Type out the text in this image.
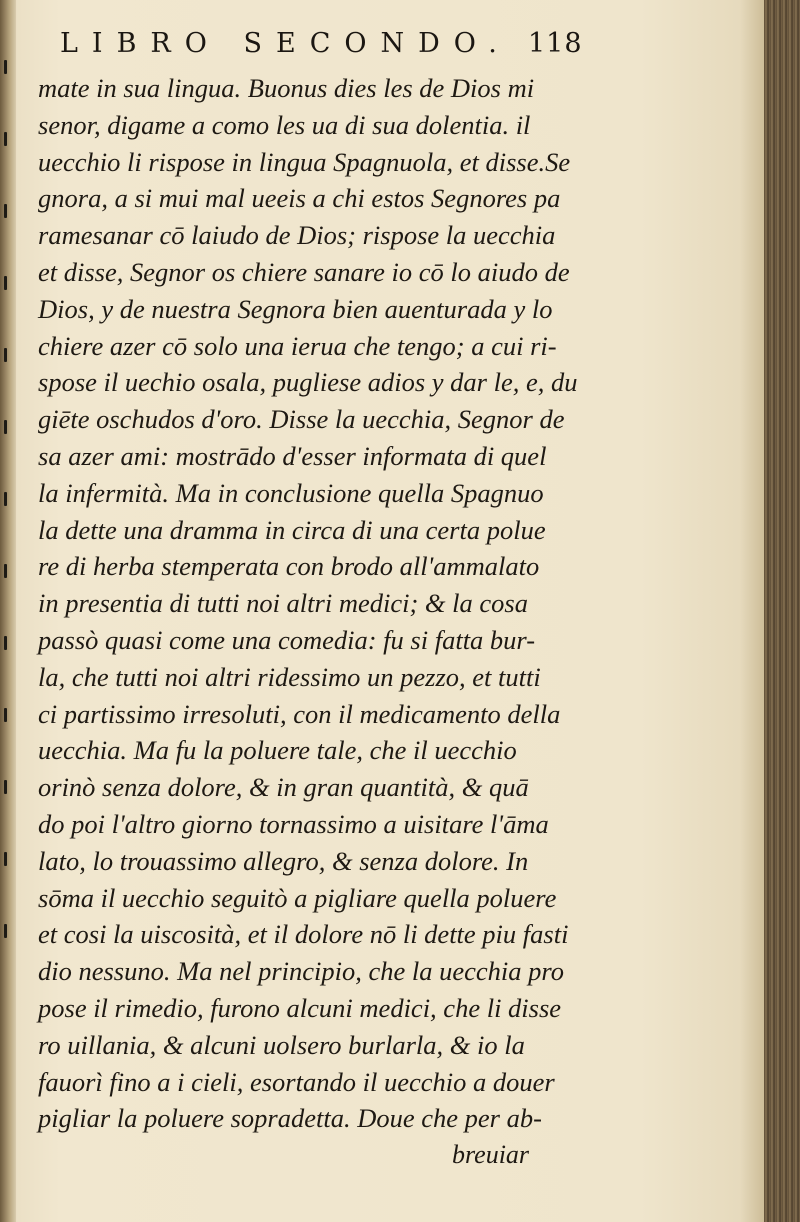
LIBRO SECONDO. 118
mate in sua lingua. Buonus dies les de Dios mi
senor, digame a como les ua di sua dolentia. il
uecchio li rispose in lingua Spagnuola, et disse.Se
gnora, a si mui mal ueeis a chi estos Segnores pa
ramesanar cō laiudo de Dios; rispose la uecchia
et disse, Segnor os chiere sanare io cō lo aiudo de
Dios, y de nuestra Segnora bien auenturada y lo
chiere azer cō solo una ierua che tengo; a cui ri-
spose il uechio osala, pugliese adios y dar le, e, du
giēte oschudos d'oro. Disse la uecchia, Segnor de
sa azer ami: mostrādo d'esser informata di quel
la infermità. Ma in conclusione quella Spagnuo
la dette una dramma in circa di una certa polue
re di herba stemperata con brodo all'ammalato
in presentia di tutti noi altri medici; & la cosa
passò quasi come una comedia: fu si fatta bur-
la, che tutti noi altri ridessimo un pezzo, et tutti
ci partissimo irresoluti, con il medicamento della
uecchia. Ma fu la poluere tale, che il uecchio
orinò senza dolore, & in gran quantità, & quā
do poi l'altro giorno tornassimo a uisitare l'āma
lato, lo trouassimo allegro, & senza dolore. In
sōma il uecchio seguitò a pigliare quella poluere
et cosi la uiscosità, et il dolore nō li dette piu fasti
dio nessuno. Ma nel principio, che la uecchia pro
pose il rimedio, furono alcuni medici, che li disse
ro uillania, & alcuni uolsero burlarla, & io la
fauorì fino a i cieli, esortando il uecchio a douer
pigliar la poluere sopradetta. Doue che per ab-
breuiar
